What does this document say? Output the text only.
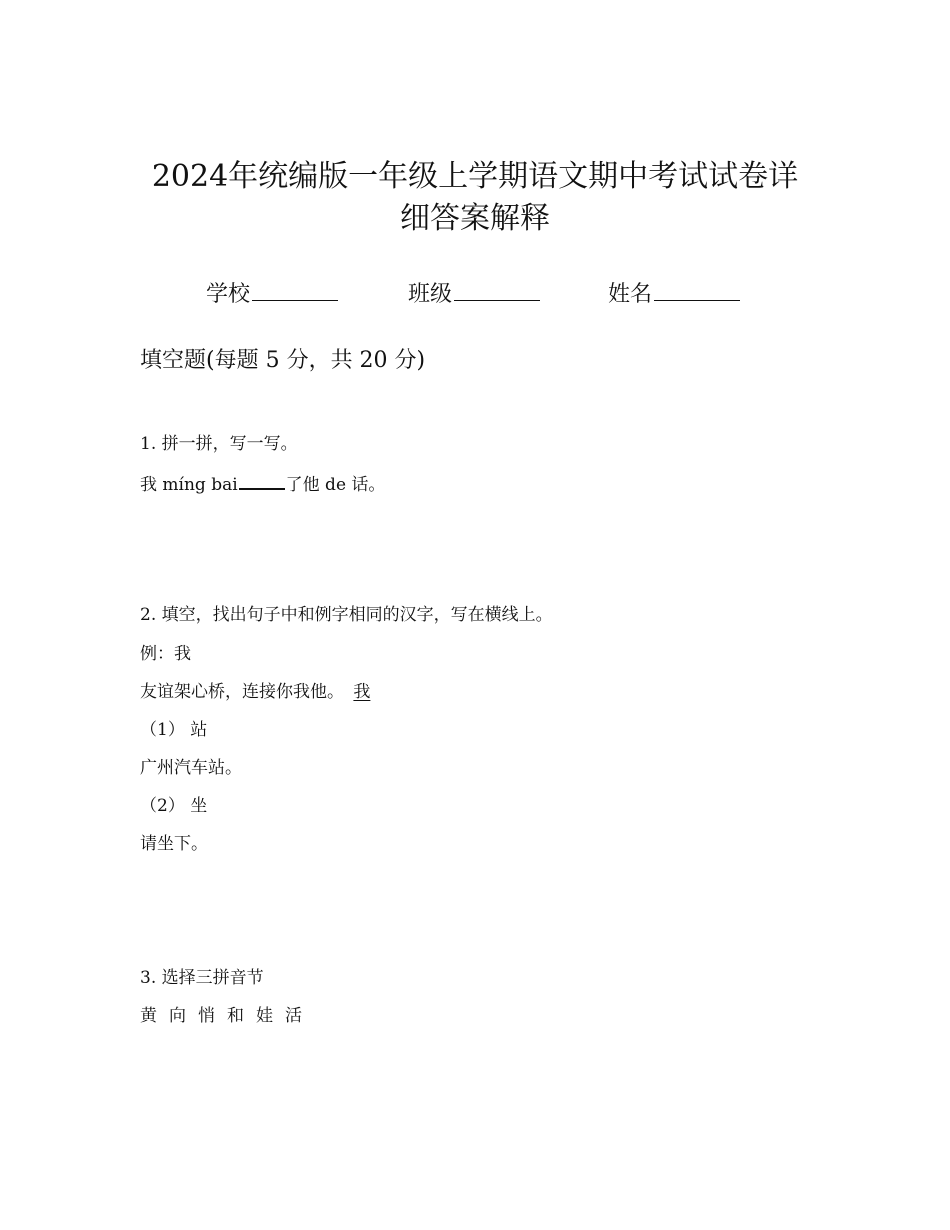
2024年统编版一年级上学期语文期中考试试卷详
细答案解释
学校	班级	姓名
填空题(每题 5 分，共 20 分)
1. 拼一拼，写一写。
我 míng bai	了他 de 话。
2. 填空，找出句子中和例字相同的汉字，写在横线上。
例：我
友谊架心桥，连接你我他。 我
（1） 站
广州汽车站。
（2） 坐
请坐下。
3. 选择三拼音节
黄 向 悄 和 娃 活
